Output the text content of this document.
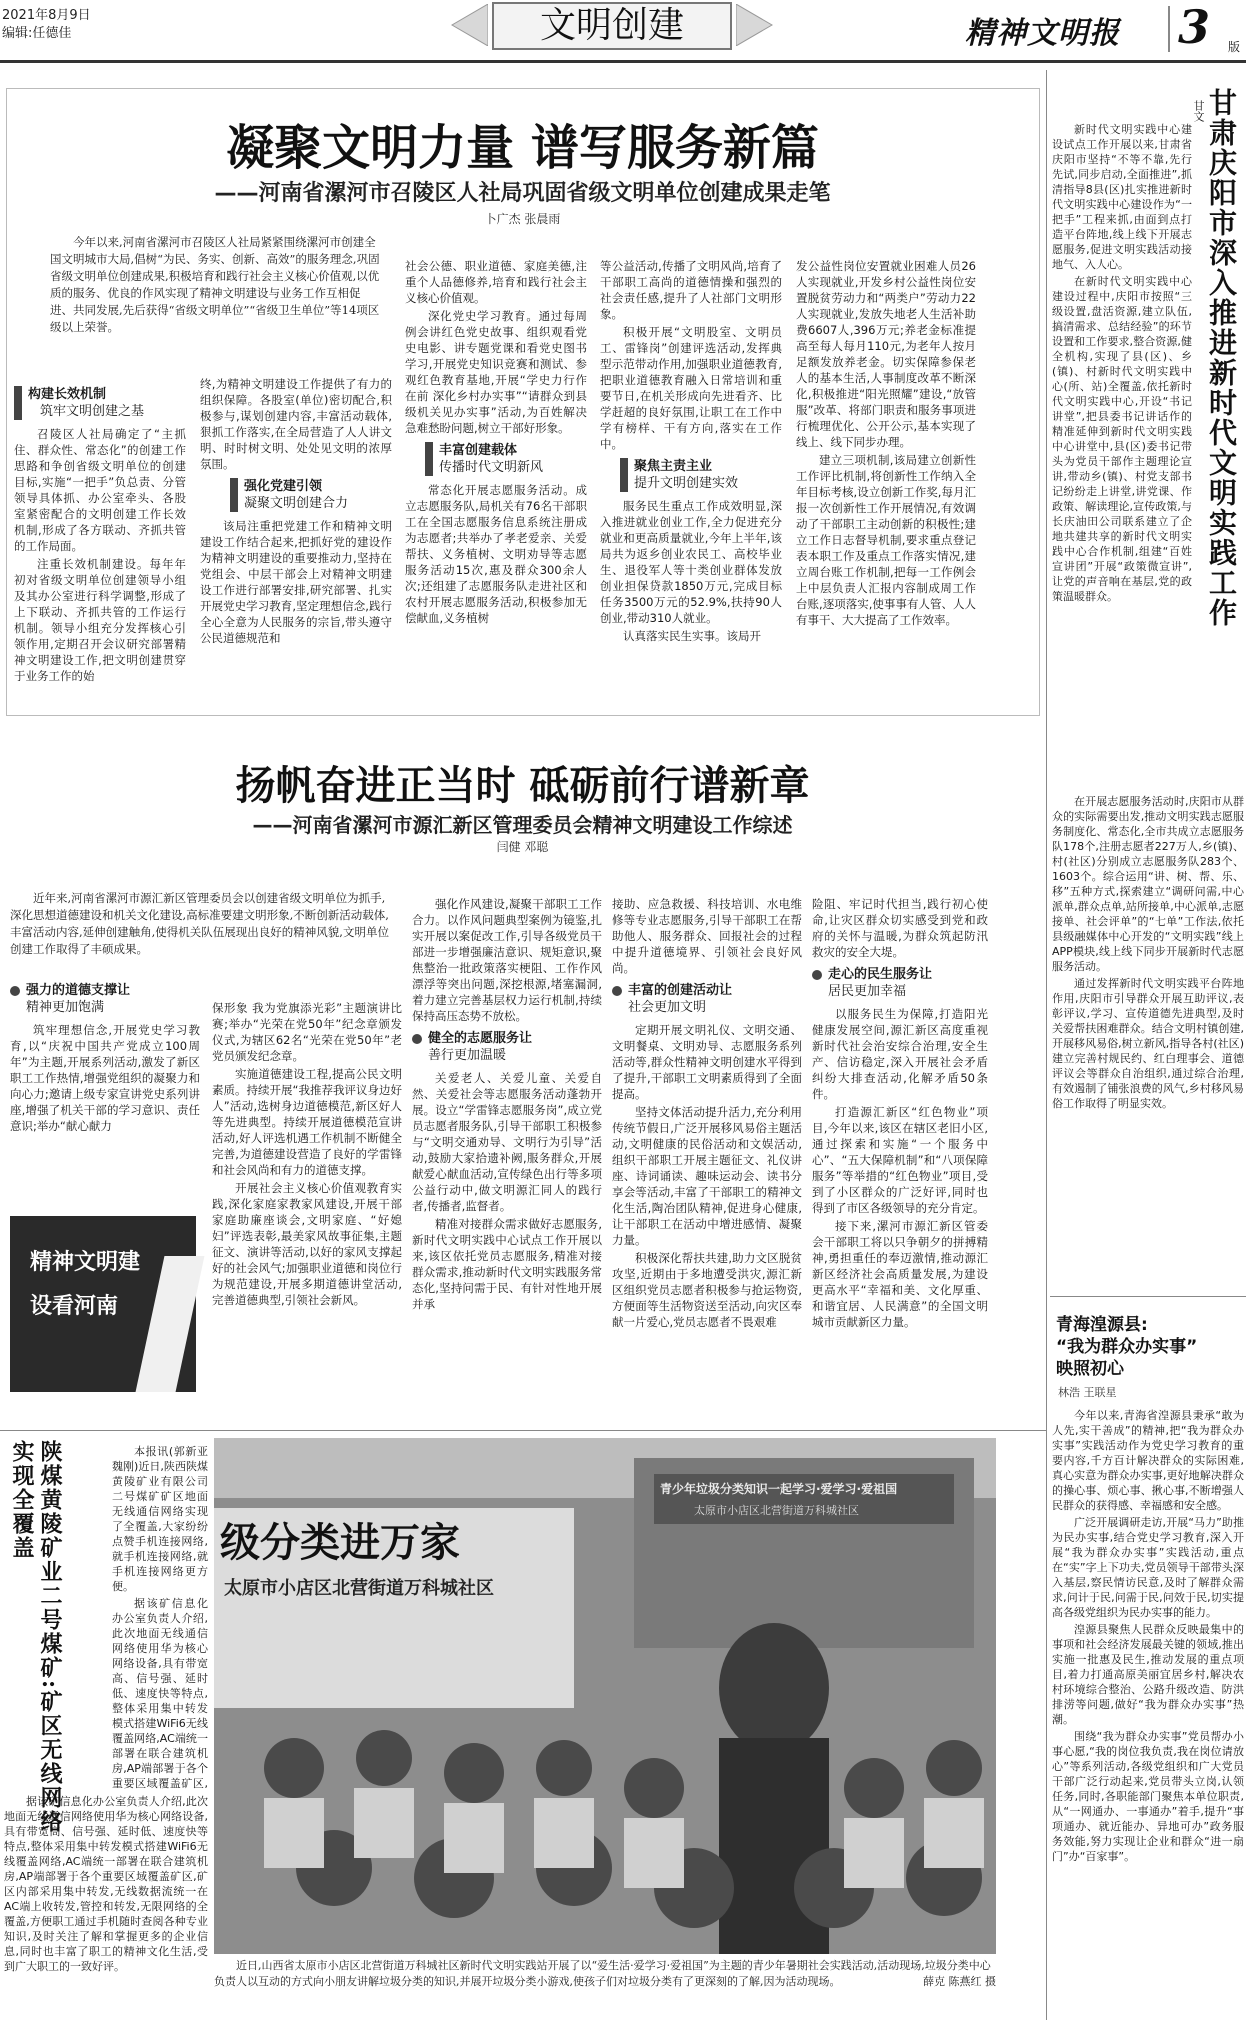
2021年8月9日
编辑:任德佳	文明创建	精神文明报	3 版
凝聚文明力量 谱写服务新篇
——河南省漯河市召陵区人社局巩固省级文明单位创建成果走笔
卜广杰 张晨雨
今年以来,河南省漯河市召陵区人社局紧紧围绕漯河市创建全国文明城市大局,倡树“为民、务实、创新、高效”的服务理念,巩固省级文明单位创建成果,积极培育和践行社会主义核心价值观,以优质的服务、优良的作风实现了精神文明建设与业务工作互相促进、共同发展,先后获得“省级文明单位”“省级卫生单位”等14项区级以上荣誉。
构建长效机制
筑牢文明创建之基

召陵区人社局确定了“主抓住、群众性、常态化”的创建工作思路和争创省级文明单位的创建目标,实施“一把手”负总责、分管领导具体抓、办公室牵头、各股室紧密配合的文明创建工作长效机制,形成了各方联动、齐抓共管的工作局面。

注重长效机制建设。每年年初对省级文明单位创建领导小组及其办公室进行科学调整,形成了上下联动、齐抓共管的工作运行机制。领导小组充分发挥核心引领作用,定期召开会议研究部署精神文明建设工作,把文明创建贯穿于业务工作的始

终,为精神文明建设工作提供了有力的组织保障。各股室(单位)密切配合,积极参与,谋划创建内容,丰富活动载体,狠抓工作落实,在全局营造了人人讲文明、时时树文明、处处见文明的浓厚氛围。

强化党建引领
凝聚文明创建合力

该局注重把党建工作和精神文明建设工作结合起来,把抓好党的建设作为精神文明建设的重要推动力,坚持在党组会、中层干部会上对精神文明建设工作进行部署安排,研究部署、扎实开展党史学习教育,坚定理想信念,践行全心全意为人民服务的宗旨,带头遵守公民道德规范和

社会公德、职业道德、家庭美德,注重个人品德修养,培育和践行社会主义核心价值观。

深化党史学习教育。通过每周例会讲红色党史故事、组织观看党史电影、讲专题党课和看党史图书学习,开展党史知识竞赛和测试、参观红色教育基地,开展“学史力行作在前 深化乡村办实事”“请群众到县级机关见办实事”活动,为百姓解决急难愁盼问题,树立干部好形象。

丰富创建载体
传播时代文明新风

常态化开展志愿服务活动。成立志愿服务队,局机关有76名干部职工在全国志愿服务信息系统注册成为志愿者;共举办了孝老爱亲、关爱帮扶、义务植树、文明劝导等志愿服务活动15次,惠及群众300余人次;还组建了志愿服务队走进社区和农村开展志愿服务活动,积极参加无偿献血,义务植树

等公益活动,传播了文明风尚,培育了干部职工高尚的道德情操和强烈的社会责任感,提升了人社部门文明形象。

积极开展“文明股室、文明员工、雷锋岗”创建评选活动,发挥典型示范带动作用,加强职业道德教育,把职业道德教育融入日常培训和重要节日,在机关形成向先进看齐、比学赶超的良好氛围,让职工在工作中学有榜样、干有方向,落实在工作中。

聚焦主责主业
提升文明创建实效

服务民生重点工作成效明显,深入推进就业创业工作,全力促进充分就业和更高质量就业,今年上半年,该局共为返乡创业农民工、高校毕业生、退役军人等十类创业群体发放创业担保贷款1850万元,完成目标任务3500万元的52.9%,扶持90人创业,带动310人就业。

认真落实民生实事。该局开

发公益性岗位安置就业困难人员26人实现就业,开发乡村公益性岗位安置脱贫劳动力和“两类户”劳动力22人实现就业,发放失地老人生活补助费6607人,396万元;养老金标准提高至每人每月110元,为老年人按月足额发放养老金。切实保障参保老人的基本生活,人事制度改革不断深化,积极推进“阳光照耀”建设,“放管服”改革、将部门职责和服务事项进行梳理优化、公开公示,基本实现了线上、线下同步办理。

建立三项机制,该局建立创新性工作评比机制,将创新性工作纳入全年目标考核,设立创新工作奖,每月汇报一次创新性工作开展情况,有效调动了干部职工主动创新的积极性;建立工作日志督导机制,要求重点登记表本职工作及重点工作落实情况,建立周台账工作机制,把每一工作例会上中层负责人汇报内容制成周工作台账,逐项落实,使事事有人管、人人有事干、大大提高了工作效率。

扬帆奋进正当时 砥砺前行谱新章
——河南省漯河市源汇新区管理委员会精神文明建设工作综述
闫健 邓聪
近年来,河南省漯河市源汇新区管理委员会以创建省级文明单位为抓手,深化思想道德建设和机关文化建设,高标准要建文明形象,不断创新活动载体,丰富活动内容,延伸创建触角,使得机关队伍展现出良好的精神风貌,文明单位创建工作取得了丰硕成果。
强力的道德支撑让
精神更加饱满

筑牢理想信念,开展党史学习教育,以“庆祝中国共产党成立100周年”为主题,开展系列活动,激发了新区职工工作热情,增强党组织的凝聚力和向心力;邀请上级专家宣讲党史系列讲座,增强了机关干部的学习意识、责任意识;举办“献心献力

精神文明建设看河南

保形象 我为党旗添光彩”主题演讲比赛;举办“光荣在党50年”纪念章颁发仪式,为辖区62名“光荣在党50年”老党员颁发纪念章。

实施道德建设工程,提高公民文明素质。持续开展“我推荐我评议身边好人”活动,选树身边道德模范,新区好人等先进典型。持续开展道德模范宣讲活动,好人评选机遇工作机制不断健全完善,为道德建设营造了良好的学雷锋和社会风尚和有力的道德支撑。

开展社会主义核心价值观教育实践,深化家庭家教家风建设,开展干部家庭助廉座谈会,文明家庭、“好媳妇”评选表彰,最美家风故事征集,主题征文、演讲等活动,以好的家风支撑起好的社会风气;加强职业道德和岗位行为规范建设,开展多期道德讲堂活动,完善道德典型,引领社会新风。

强化作风建设,凝聚干部职工工作合力。以作风问题典型案例为镜鉴,扎实开展以案促改工作,引导各级党员干部进一步增强廉洁意识、规矩意识,聚焦整治一批政策落实梗阻、工作作风漂浮等突出问题,深挖根源,堵塞漏洞,着力建立完善基层权力运行机制,持续保持高压态势不放松。

健全的志愿服务让
善行更加温暖

关爱老人、关爱儿童、关爱自然、关爱社会等志愿服务活动蓬勃开展。设立“学雷锋志愿服务岗”,成立党员志愿者服务队,引导干部职工积极参与“文明交通劝导、文明行为引导”活动,鼓励大家拾遗补阙,服务群众,开展献爱心献血活动,宣传绿色出行等多项公益行动中,做文明源汇同人的践行者,传播者,监督者。

精准对接群众需求做好志愿服务,新时代文明实践中心试点工作开展以来,该区依托党员志愿服务,精准对接群众需求,推动新时代文明实践服务常态化,坚持问需于民、有针对性地开展并承

接助、应急救援、科技培训、水电维修等专业志愿服务,引导干部职工在帮助他人、服务群众、回报社会的过程中提升道德境界、引领社会良好风尚。

丰富的创建活动让
社会更加文明

定期开展文明礼仪、文明交通、文明餐桌、文明劝导、志愿服务系列活动等,群众性精神文明创建水平得到了提升,干部职工文明素质得到了全面提高。

坚持文体活动提升活力,充分利用传统节假日,广泛开展移风易俗主题活动,文明健康的民俗活动和文娱活动,组织干部职工开展主题征文、礼仪讲座、诗词诵读、趣味运动会、读书分享会等活动,丰富了干部职工的精神文化生活,陶冶团队精神,促进身心健康,让干部职工在活动中增进感情、凝聚力量。

积极深化帮扶共建,助力文区脱贫攻坚,近期由于多地遭受洪灾,源汇新区组织党员志愿者积极参与抢运物资,方便面等生活物资送至活动,向灾区奉献一片爱心,党员志愿者不畏艰难

险阻、牢记时代担当,践行初心使命,让灾区群众切实感受到党和政府的关怀与温暖,为群众筑起防汛救灾的安全大堤。

走心的民生服务让
居民更加幸福

以服务民生为保障,打造阳光健康发展空间,源汇新区高度重视新时代社会治安综合治理,安全生产、信访稳定,深入开展社会矛盾纠纷大排查活动,化解矛盾50条件。

打造源汇新区“红色物业”项目,今年以来,该区在辖区老旧小区,通过探索和实施“一个服务中心”、“五大保障机制”和“八项保障服务”等举措的“红色物业”项目,受到了小区群众的广泛好评,同时也得到了市区各级领导的充分肯定。

接下来,漯河市源汇新区管委会干部职工将以只争朝夕的拼搏精神,勇担重任的奉迈激情,推动源汇新区经济社会高质量发展,为建设更高水平“幸福和美、文化厚重、和谐宜居、人民满意”的全国文明城市贡献新区力量。

甘肃庆阳市深入推进新时代文明实践工作
甘文

新时代文明实践中心建设试点工作开展以来,甘肃省庆阳市坚持“不等不靠,先行先试,同步启动,全面推进”,抓清指导8县(区)扎实推进新时代文明实践中心建设作为“一把手”工程来抓,由面到点打造平台阵地,线上线下开展志愿服务,促进文明实践活动接地气、入人心。

在新时代文明实践中心建设过程中,庆阳市按照“三级设置,盘活资源,建立队伍,搞清需求、总结经验”的环节设置和工作要求,整合资源,健全机构,实现了县(区)、乡(镇)、村新时代文明实践中心(所、站)全覆盖,依托新时代文明实践中心,开设“书记讲堂”,把县委书记讲话作的精准延伸到新时代文明实践中心讲堂中,县(区)委书记带头为党员干部作主题理论宣讲,带动乡(镇)、村党支部书记纷纷走上讲堂,讲党课、作政策、解读理论,宣传政策,与长庆油田公司联系建立了企地共建共享的新时代文明实践中心合作机制,组建“百姓宣讲团”开展“政策微宣讲”,让党的声音响在基层,党的政策温暖群众。

在开展志愿服务活动时,庆阳市从群众的实际需要出发,推动文明实践志愿服务制度化、常态化,全市共成立志愿服务队178个,注册志愿者227万人,乡(镇)、村(社区)分别成立志愿服务队283个、1603个。综合运用“讲、树、帮、乐、移”五种方式,探索建立“调研问需,中心派单,群众点单,站所接单,中心派单,志愿接单、社会评单”的“七单”工作法,依托县级融媒体中心开发的“文明实践”线上APP模块,线上线下同步开展新时代志愿服务活动。

通过发挥新时代文明实践平台阵地作用,庆阳市引导群众开展互助评议,表彰评议,学习、宣传道德先进典型,及时关爱帮扶困难群众。结合文明村镇创建,开展移风易俗,树立新风,指导各村(社区)建立完善村规民约、红白理事会、道德评议会等群众自治组织,通过综合治理,有效遏制了铺张浪费的风气,乡村移风易俗工作取得了明显实效。

青海湟源县:
“我为群众办实事”
映照初心
林浩 王联星

今年以来,青海省湟源县秉承“敢为人先,实干善成”的精神,把“我为群众办实事”实践活动作为党史学习教育的重要内容,千方百计解决群众的实际困难,真心实意为群众办实事,更好地解决群众的操心事、烦心事、揪心事,不断增强人民群众的获得感、幸福感和安全感。

广泛开展调研走访,开展“马力”助推为民办实事,结合党史学习教育,深入开展“我为群众办实事”实践活动,重点在“实”字上下功夫,党员领导干部带头深入基层,察民情访民意,及时了解群众需求,问计于民,问需于民,问效于民,切实提高各级党组织为民办实事的能力。

湟源县聚焦人民群众反映最集中的事项和社会经济发展最关键的领域,推出实施一批惠及民生,推动发展的重点项目,着力打通高原美丽宜居乡村,解决农村环境综合整治、公路升级改造、防洪排涝等问题,做好“我为群众办实事”热潮。

围绕“我为群众办实事”党员帮办小事心愿,“我的岗位我负责,我在岗位请放心”等系列活动,各级党组织和广大党员干部广泛行动起来,党员带头立岗,认领任务,同时,各职能部门聚焦本单位职责,从“一网通办、一事通办”着手,提升“事项通办、就近能办、异地可办”政务服务效能,努力实现让企业和群众“进一扇门”办“百家事”。

陕煤黄陵矿业二号煤矿:矿区无线网络实现全覆盖	本报讯(郭新亚 魏刚)近日,陕西陕煤黄陵矿业有限公司二号煤矿矿区地面无线通信网络实现了全覆盖,大家纷纷点赞手机连接网络,就手机连接网络,就手机连接网络更方便。

据该矿信息化办公室负责人介绍,此次地面无线通信网络使用华为核心网络设备,具有带宽高、信号强、延时低、速度快等特点,整体采用集中转发模式搭建WiFi6无线覆盖网络,AC端统一部署在联合建筑机房,AP端部署于各个重要区域覆盖矿区,

据该矿信息化办公室负责人介绍,此次地面无线通信网络使用华为核心网络设备,具有带宽高、信号强、延时低、速度快等特点,整体采用集中转发模式搭建WiFi6无线覆盖网络,AC端统一部署在联合建筑机房,AP端部署于各个重要区域覆盖矿区,矿区内部采用集中转发,无线数据流统一在AC端上收转发,管控和转发,无限网络的全覆盖,方便职工通过手机随时查阅各种专业知识,及时关注了解和掌握更多的企业信息,同时也丰富了职工的精神文化生活,受到广大职工的一致好评。

级分类进万家
太原市小店区北营街道万科城社区
青少年垃圾分类知识一起学习·爱学习·爱祖国
太原市小店区北营街道万科城社区
近日,山西省太原市小店区北营街道万科城社区新时代文明实践站开展了以“爱生活·爱学习·爱祖国”为主题的青少年暑期社会实践活动,活动现场,垃圾分类中心负责人以互动的方式向小朋友讲解垃圾分类的知识,并展开垃圾分类小游戏,使孩子们对垃圾分类有了更深刻的了解,因为活动现场。	薛克 陈燕红 摄
